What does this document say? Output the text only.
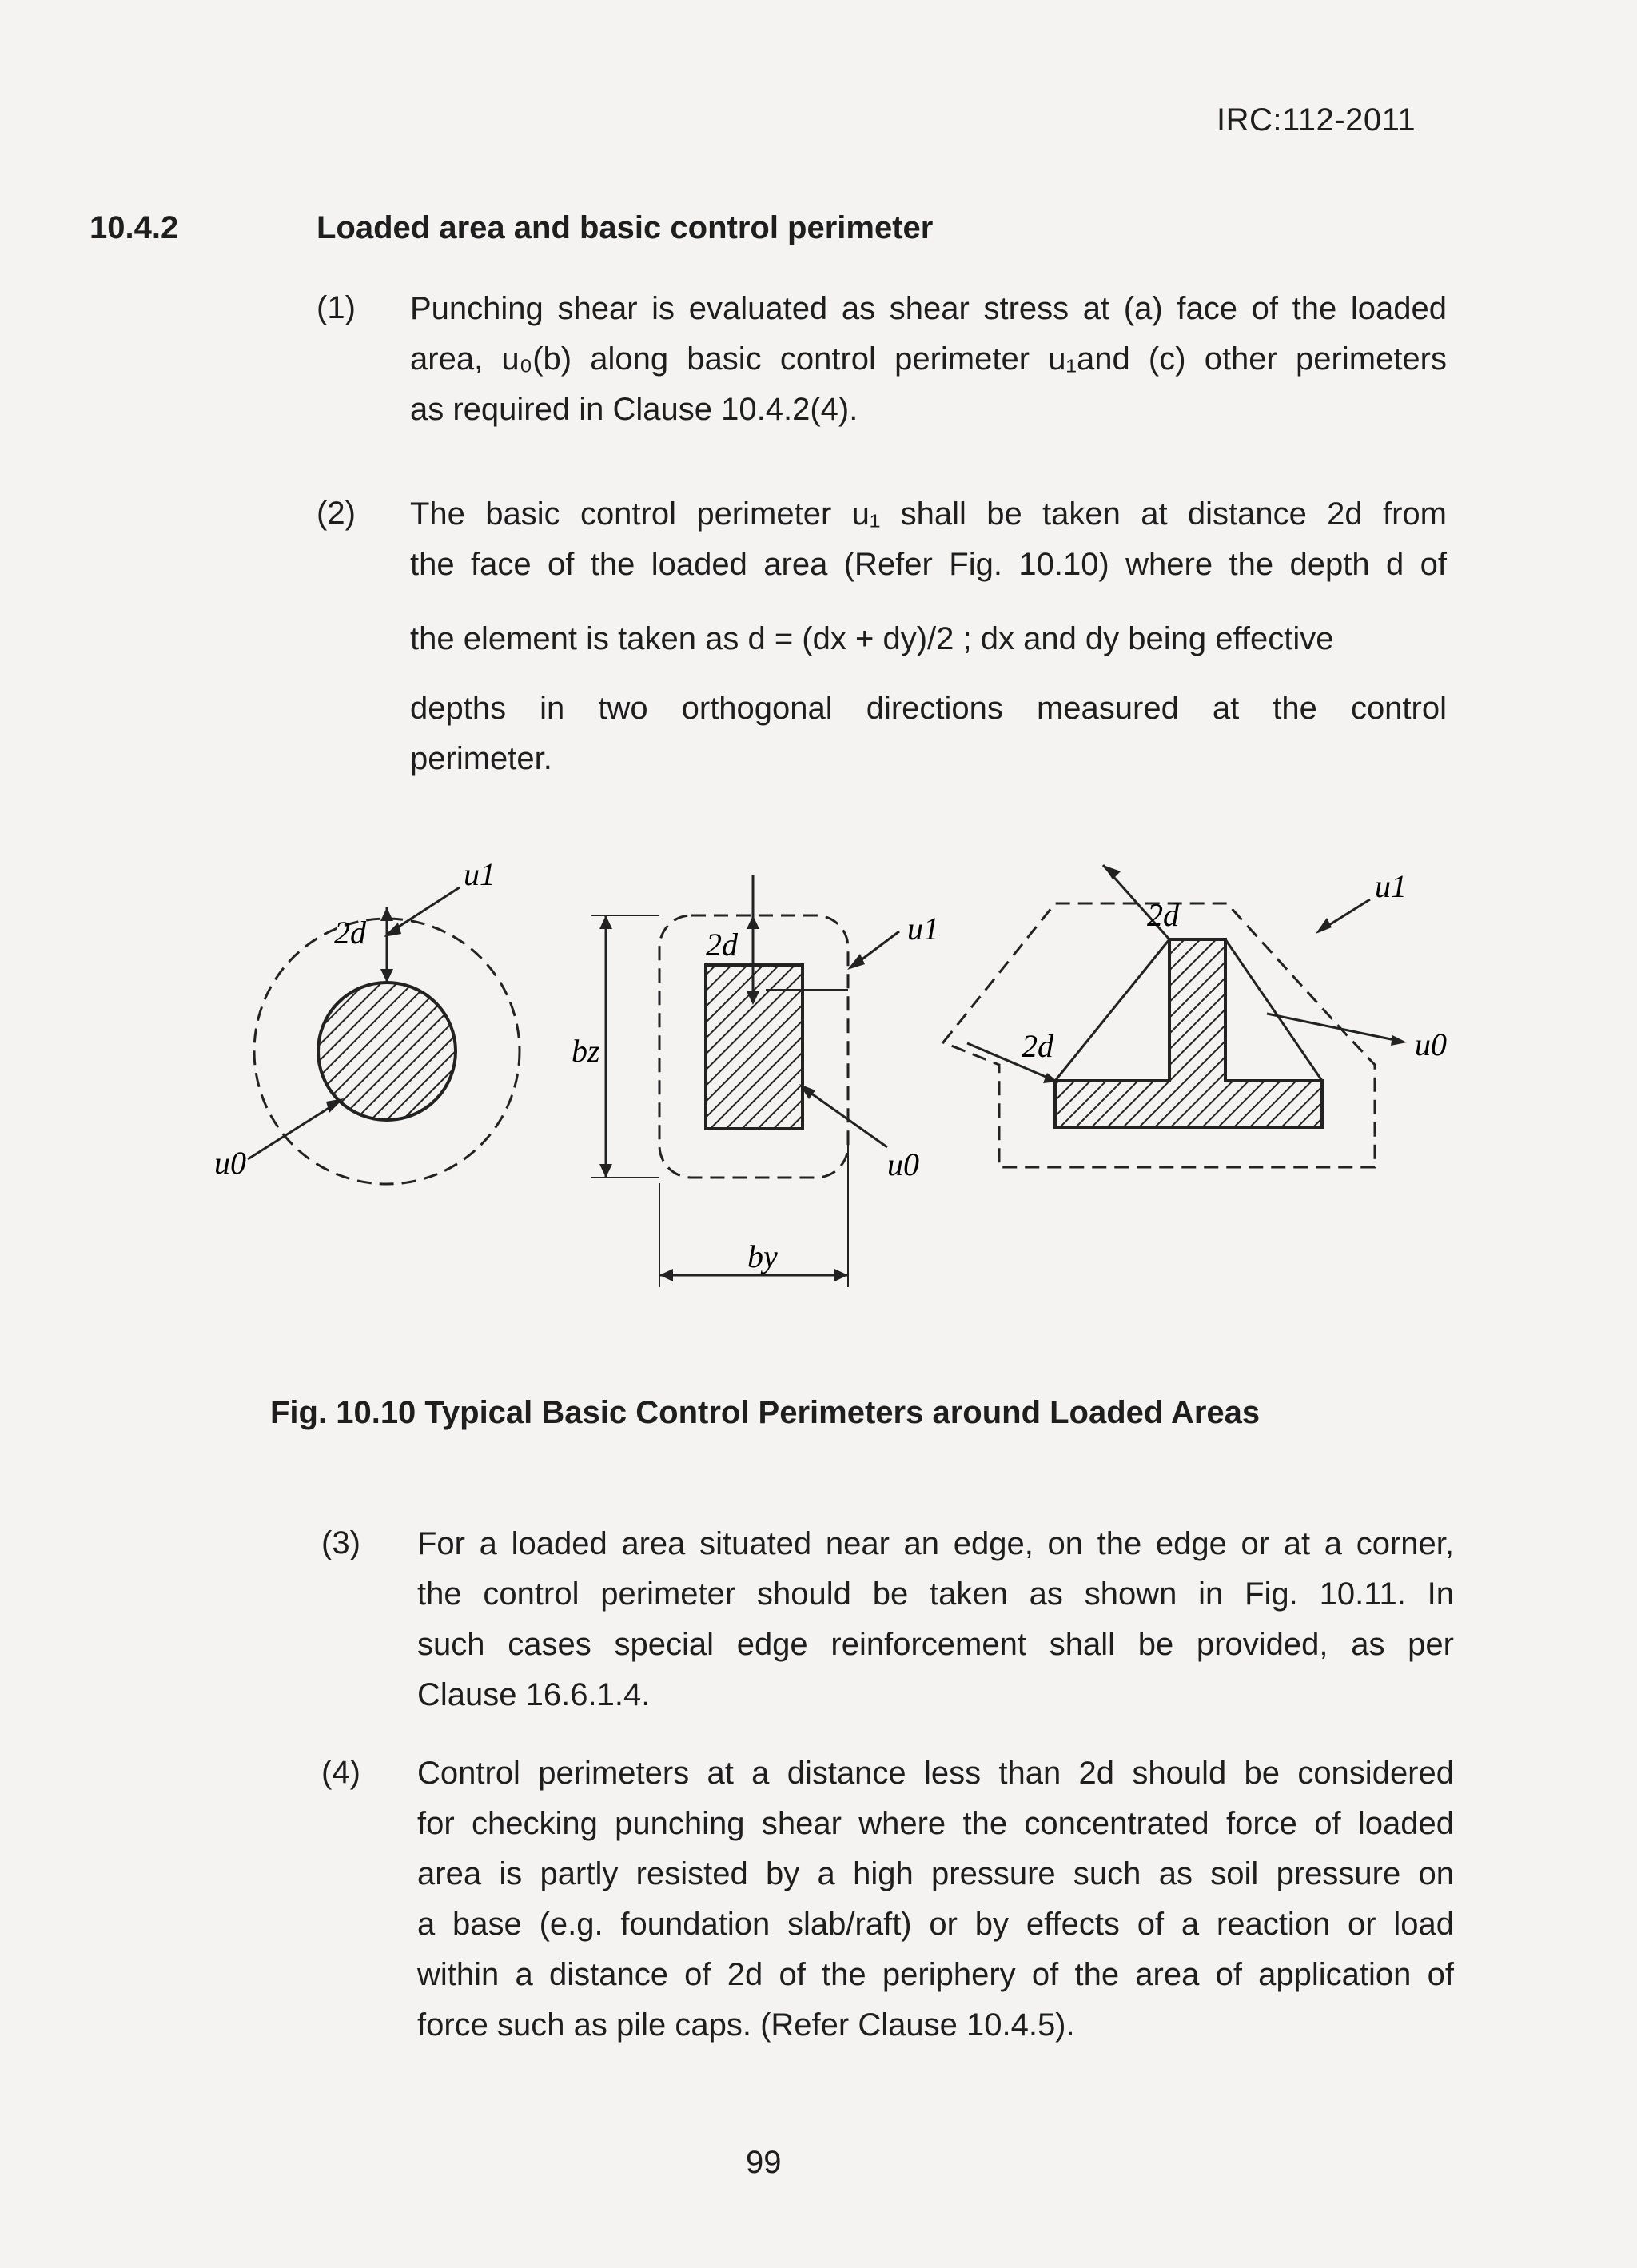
IRC:112-2011
10.4.2	Loaded area and basic control perimeter
(1) Punching shear is evaluated as shear stress at (a) face of the loaded
area, u₀(b) along basic control perimeter u₁and (c) other perimeters
as required in Clause 10.4.2(4).
(2) The basic control perimeter u₁ shall be taken at distance 2d from
the face of the loaded area (Refer Fig. 10.10) where the depth d of
the element is taken as d = (dx + dy)/2 ; dx and dy being effective
depths in two orthogonal directions measured at the control
perimeter.
2d
u1
u0
2d	u1
u0
bz
by
2d
2d
u1
u0
Fig. 10.10 Typical Basic Control Perimeters around Loaded Areas
(3) For a loaded area situated near an edge, on the edge or at a corner,
the control perimeter should be taken as shown in Fig. 10.11. In
such cases special edge reinforcement shall be provided, as per
Clause 16.6.1.4.
(4) Control perimeters at a distance less than 2d should be considered
for checking punching shear where the concentrated force of loaded
area is partly resisted by a high pressure such as soil pressure on
a base (e.g. foundation slab/raft) or by effects of a reaction or load
within a distance of 2d of the periphery of the area of application of
force such as pile caps. (Refer Clause 10.4.5).
99
